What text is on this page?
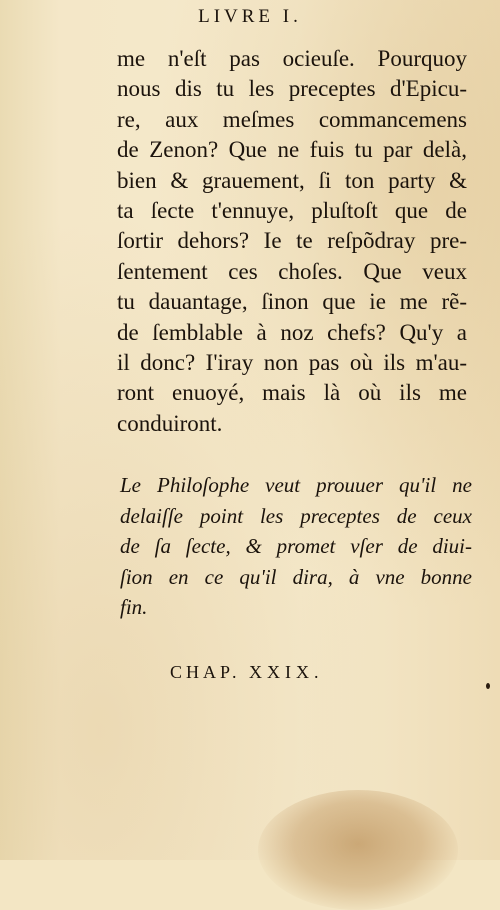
LIVRE I.
me n'eſt pas ocieuſe. Pourquoy
nous dis tu les preceptes d'Epicu-
re, aux meſmes commancemens
de Zenon? Que ne fuis tu par delà,
bien & grauement, ſi ton party &
ta ſecte t'ennuye, pluſtoſt que de
ſortir dehors? Ie te reſpõdray pre-
ſentement ces choſes. Que veux
tu dauantage, ſinon que ie me rẽ-
de ſemblable à noz chefs? Qu'y a
il donc? I'iray non pas où ils m'au-
ront enuoyé, mais là où ils me
conduiront.
Le Philoſophe veut prouuer qu'il ne
delaiſſe point les preceptes de ceux
de ſa ſecte, & promet vſer de diui-
ſion en ce qu'il dira, à vne bonne
fin.
CHAP. XXIX.
